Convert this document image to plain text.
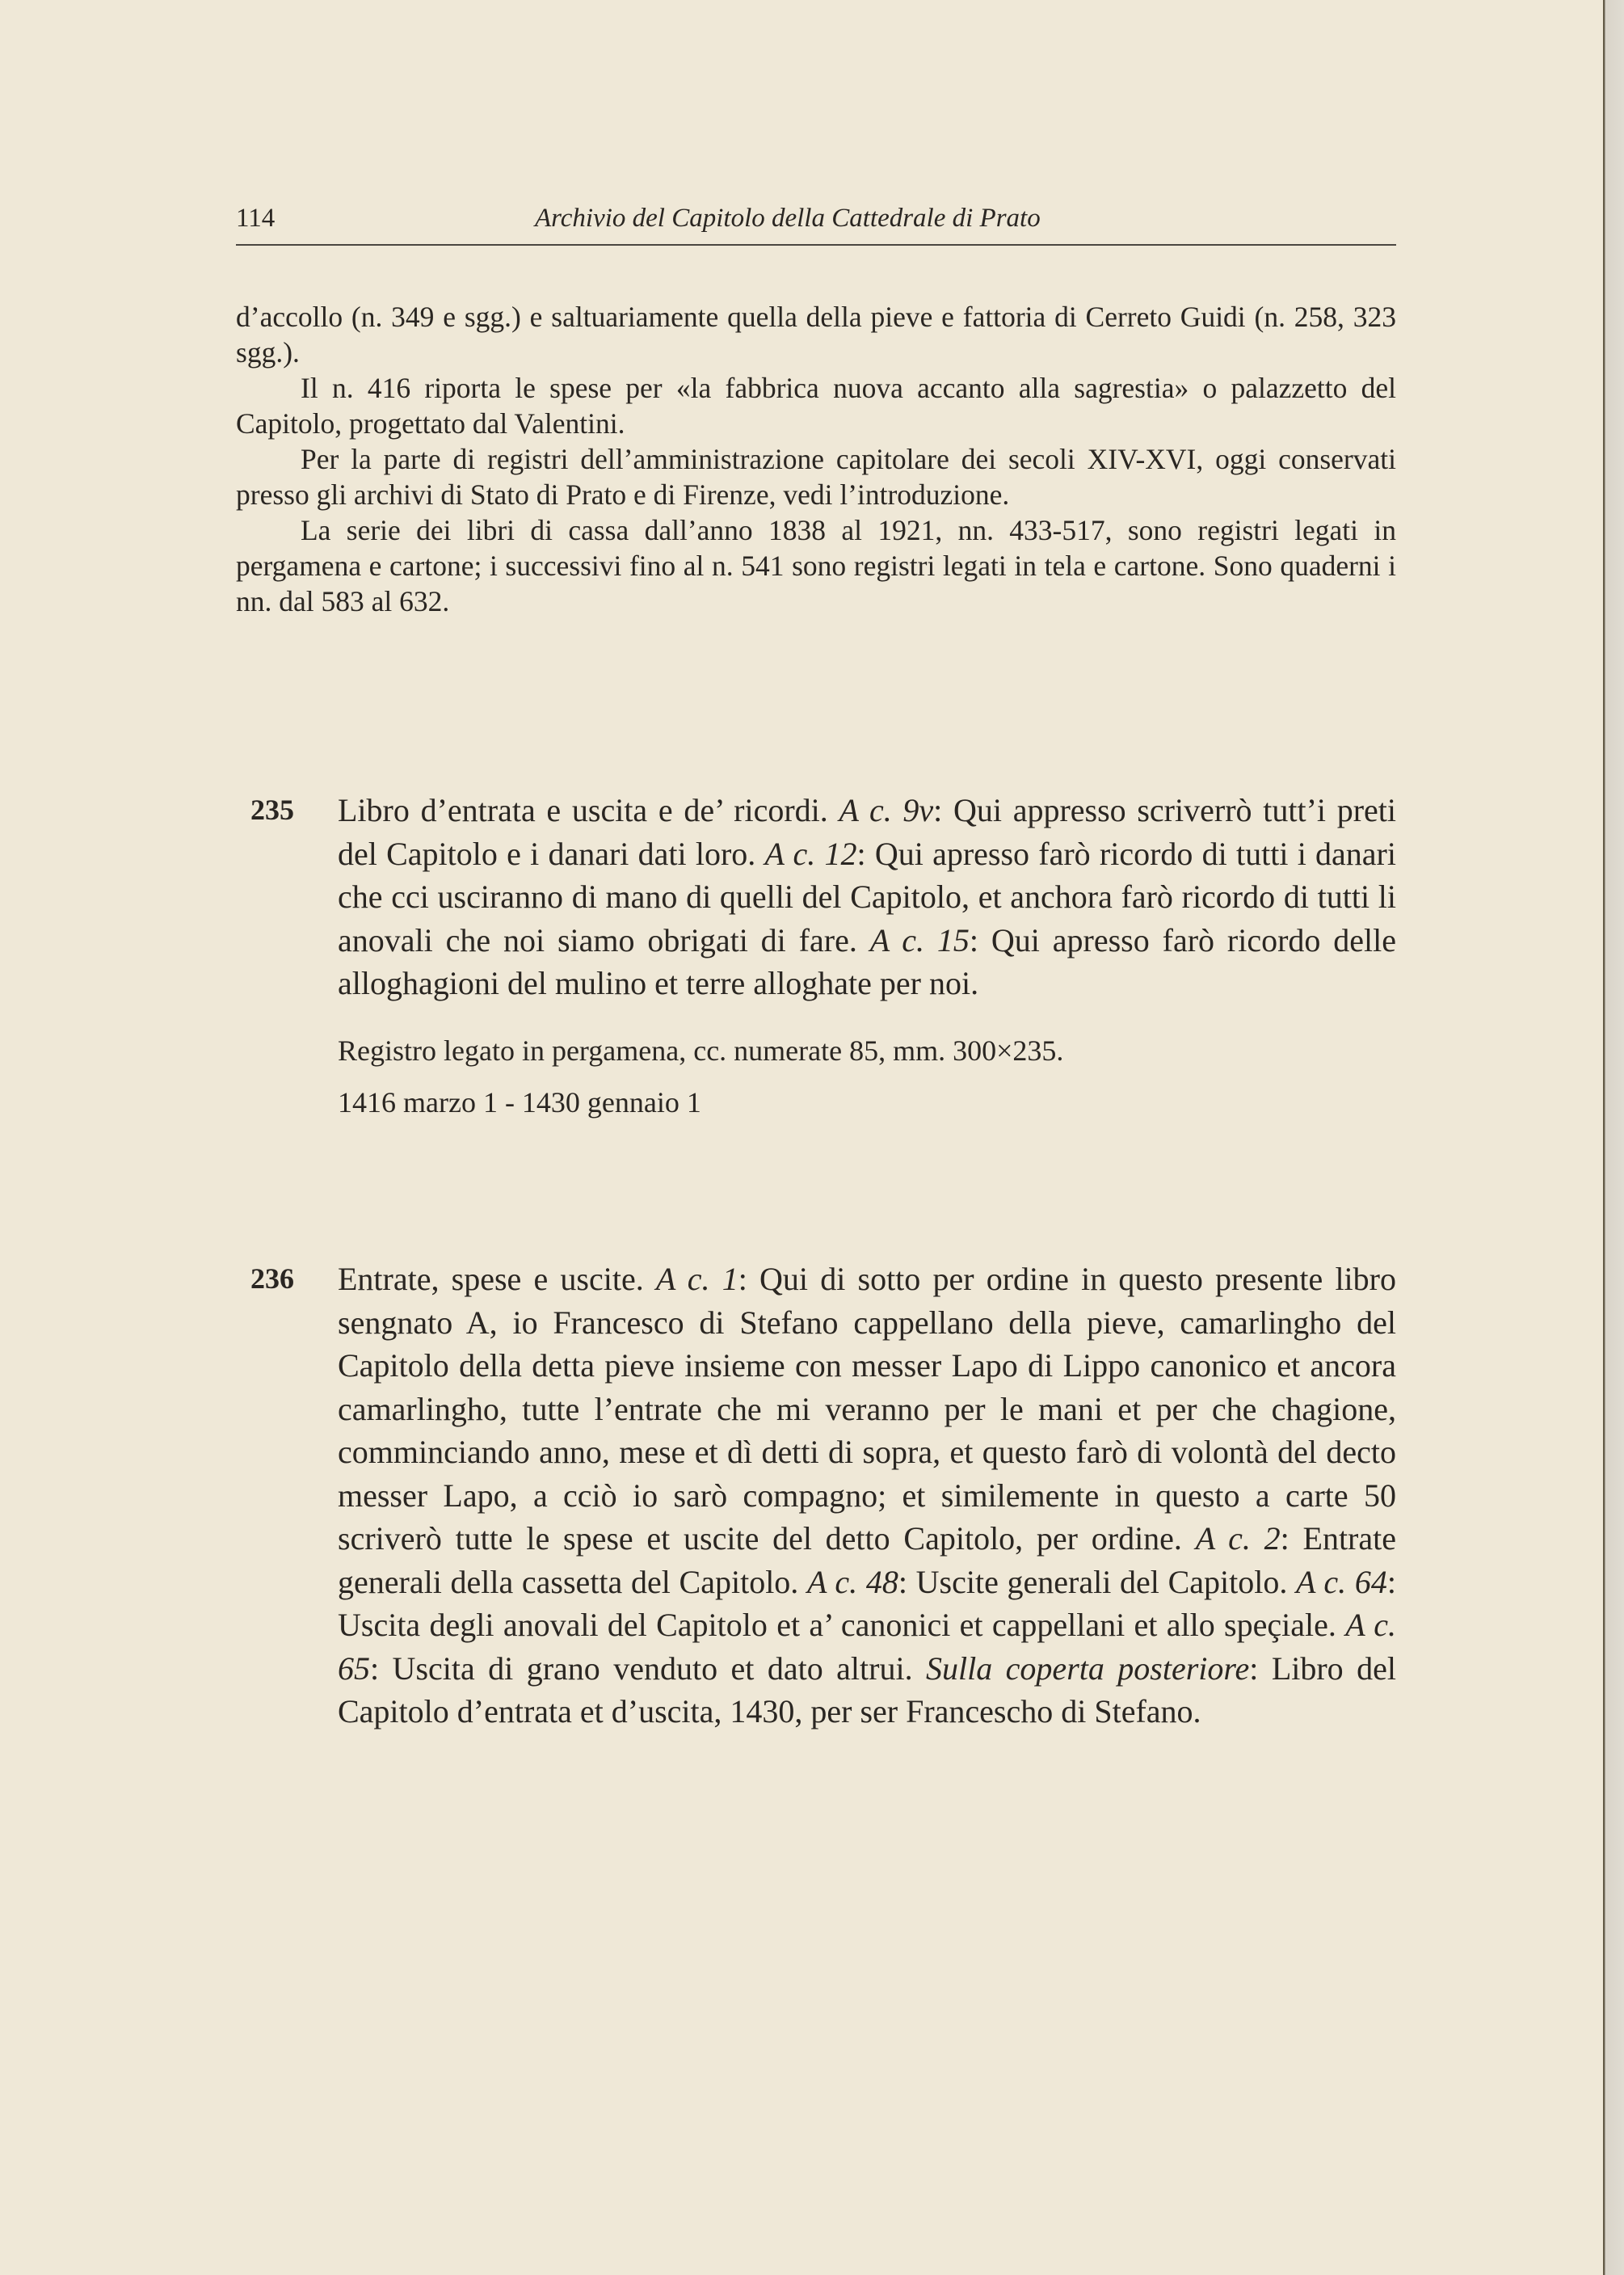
114	Archivio del Capitolo della Cattedrale di Prato

d’accollo (n. 349 e sgg.) e saltuariamente quella della pieve e fattoria di Cerreto Guidi (n. 258, 323 sgg.).

Il n. 416 riporta le spese per «la fabbrica nuova accanto alla sagrestia» o palazzetto del Capitolo, progettato dal Valentini.

Per la parte di registri dell’amministrazione capitolare dei secoli XIV-XVI, oggi conservati presso gli archivi di Stato di Prato e di Firenze, vedi l’introduzione.

La serie dei libri di cassa dall’anno 1838 al 1921, nn. 433-517, sono registri legati in pergamena e cartone; i successivi fino al n. 541 sono registri legati in tela e cartone. Sono quaderni i nn. dal 583 al 632.

235 Libro d’entrata e uscita e de’ ricordi. A c. 9v: Qui appresso scriverrò tutt’i preti del Capitolo e i danari dati loro. A c. 12: Qui apresso farò ricordo di tutti i danari che cci usciranno di mano di quelli del Capitolo, et anchora farò ricordo di tutti li anovali che noi siamo obrigati di fare. A c. 15: Qui apresso farò ricordo delle alloghagioni del mulino et terre alloghate per noi.
Registro legato in pergamena, cc. numerate 85, mm. 300×235.
1416 marzo 1 - 1430 gennaio 1
236 Entrate, spese e uscite. A c. 1: Qui di sotto per ordine in questo presente libro sengnato A, io Francesco di Stefano cappellano della pieve, camarlingho del Capitolo della detta pieve insieme con messer Lapo di Lippo canonico et ancora camarlingho, tutte l’entrate che mi veranno per le mani et per che chagione, comminciando anno, mese et dì detti di sopra, et questo farò di volontà del decto messer Lapo, a cciò io sarò compagno; et similemente in questo a carte 50 scriverò tutte le spese et uscite del detto Capitolo, per ordine. A c. 2: Entrate generali della cassetta del Capitolo. A c. 48: Uscite generali del Capitolo. A c. 64: Uscita degli anovali del Capitolo et a’ canonici et cappellani et allo speçiale. A c. 65: Uscita di grano venduto et dato altrui. Sulla coperta posteriore: Libro del Capitolo d’entrata et d’uscita, 1430, per ser Franceschо di Stefano.
